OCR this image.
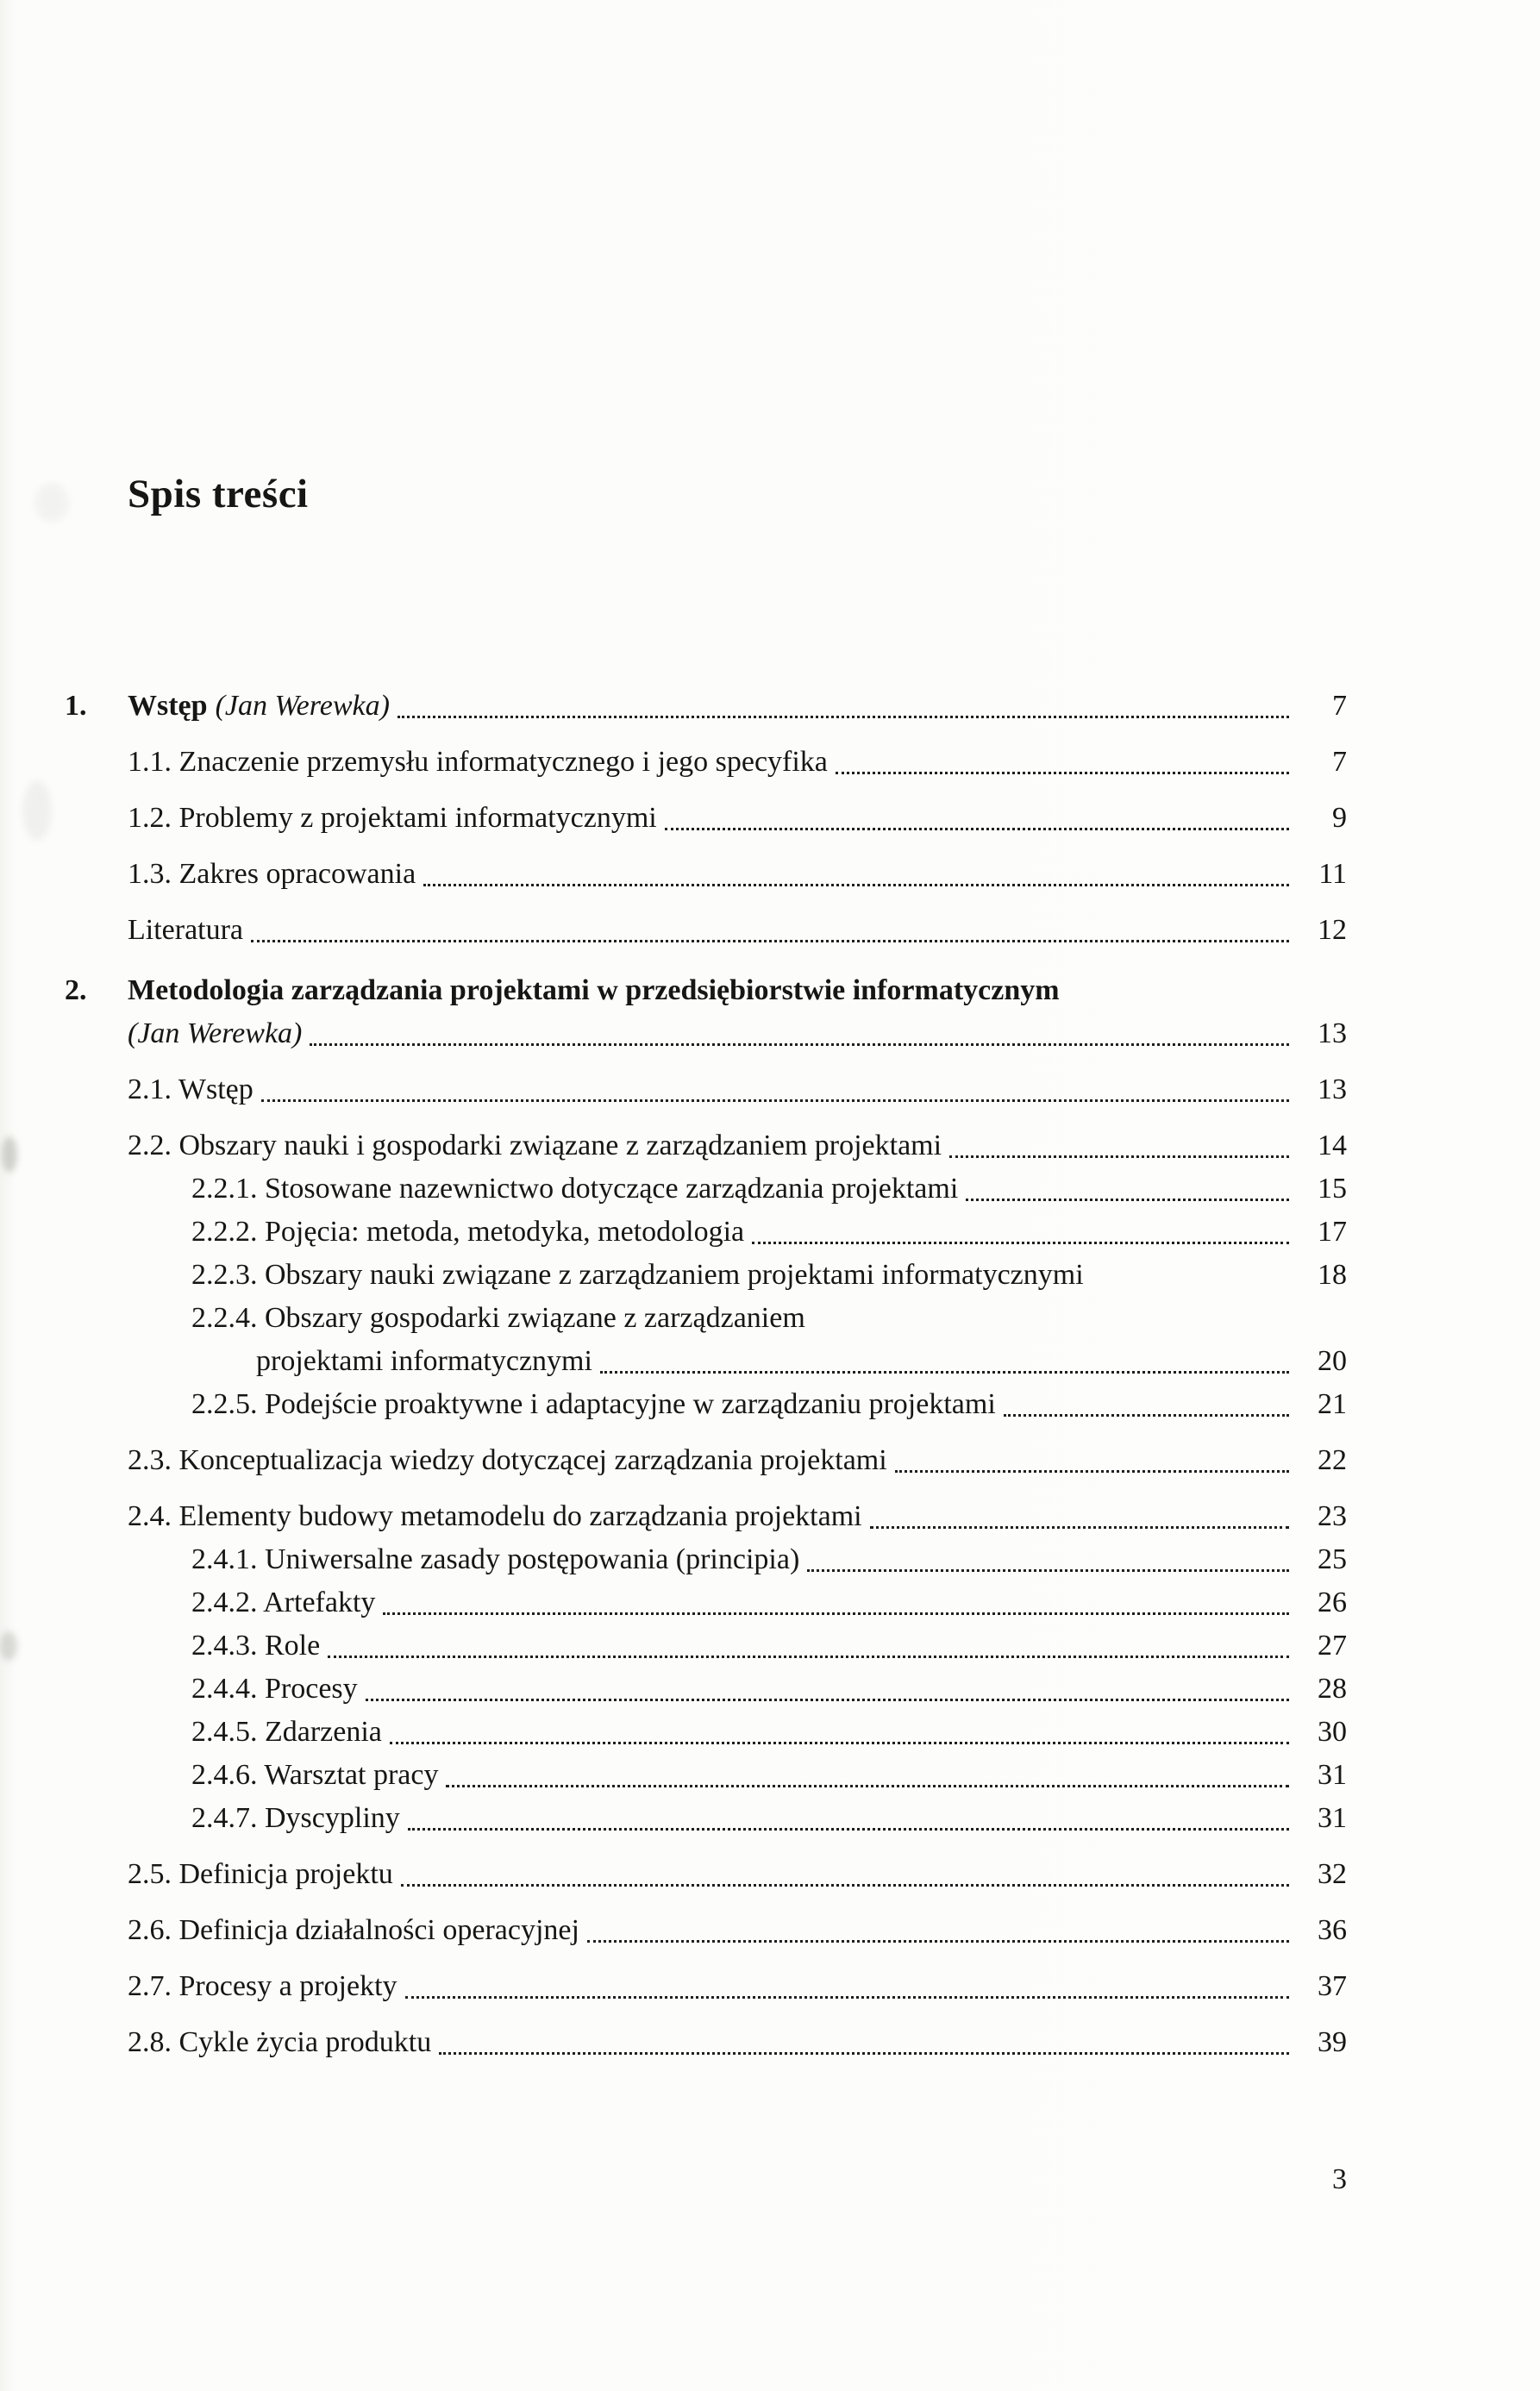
Spis treści
1.	Wstęp (Jan Werewka)	7
1.1. Znaczenie przemysłu informatycznego i jego specyfika	7
1.2. Problemy z projektami informatycznymi	9
1.3. Zakres opracowania	11
Literatura	12
2.	Metodologia zarządzania projektami w przedsiębiorstwie informatycznym
(Jan Werewka)	13
2.1. Wstęp	13
2.2. Obszary nauki i gospodarki związane z zarządzaniem projektami	14
2.2.1. Stosowane nazewnictwo dotyczące zarządzania projektami	15
2.2.2. Pojęcia: metoda, metodyka, metodologia	17
2.2.3. Obszary nauki związane z zarządzaniem projektami informatycznymi	18
2.2.4. Obszary gospodarki związane z zarządzaniem
projektami informatycznymi	20
2.2.5. Podejście proaktywne i adaptacyjne w zarządzaniu projektami	21
2.3. Konceptualizacja wiedzy dotyczącej zarządzania projektami	22
2.4. Elementy budowy metamodelu do zarządzania projektami	23
2.4.1. Uniwersalne zasady postępowania (principia)	25
2.4.2. Artefakty	26
2.4.3. Role	27
2.4.4. Procesy	28
2.4.5. Zdarzenia	30
2.4.6. Warsztat pracy	31
2.4.7. Dyscypliny	31
2.5. Definicja projektu	32
2.6. Definicja działalności operacyjnej	36
2.7. Procesy a projekty	37
2.8. Cykle życia produktu	39
3
